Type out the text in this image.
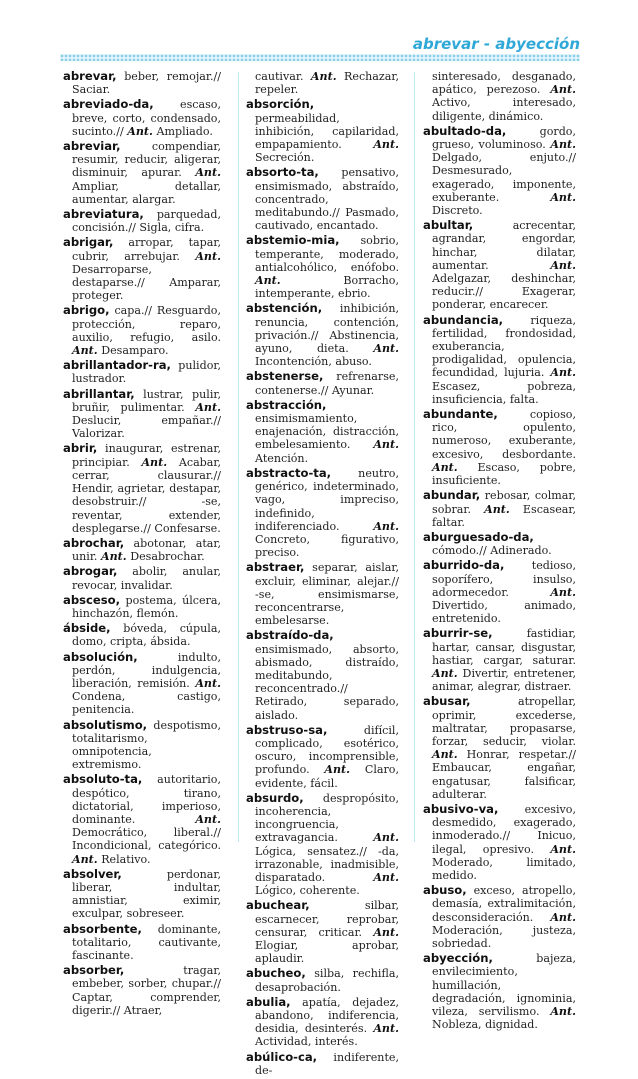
abrevar - abyección
abrevar, beber, remojar.// Saciar.
abreviado-da, escaso, breve, corto, condensado, sucinto.// Ant. Ampliado.
abreviar,	compendiar, resumir, reducir, aligerar, disminuir, apurar. Ant. Ampliar, detallar, aumentar, alargar.
abreviatura, parquedad, concisión.// Sigla, cifra.
abrigar, arropar, tapar, cubrir, arrebujar. Ant. Desarroparse, destaparse.// Amparar, proteger.
abrigo, capa.// Resguardo, protección, reparo, auxilio, refugio, asilo. Ant. Desamparo.
abrillantador-ra, pulidor, lustrador.
abrillantar, lustrar, pulir, bruñir, pulimentar. Ant. Deslucir, empañar.// Valorizar.
abrir, inaugurar, estrenar, principiar. Ant. Acabar, cerrar, clausurar.// Hendir, agrietar, destapar, desobstruir.// -se, reventar, extender, desplegarse.// Confesarse.
abrochar, abotonar, atar, unir. Ant. Desabrochar.
abrogar, abolir, anular, revocar, invalidar.
absceso, postema, úlcera, hinchazón, flemón.
ábside, bóveda, cúpula, domo, cripta, ábsida.
absolución,	indulto, perdón, indulgencia, liberación, remisión. Ant. Condena, castigo, penitencia.
absolutismo, despotismo, totalitarismo, omnipotencia, extremismo.
absoluto-ta, autoritario, despótico, tirano, dictatorial, imperioso, dominante.	Ant. Democrático, liberal.// Incondicional, categórico. Ant. Relativo.
absolver,	perdonar, liberar, indultar, amnistiar, eximir, exculpar, sobreseer.
absorbente, dominante, totalitario, cautivante, fascinante.
absorber,	tragar, embeber, sorber, chupar.// Captar, comprender, digerir.// Atraer,
cautivar. Ant. Rechazar, repeler.
absorción, permeabilidad, inhibición, capilaridad, empapamiento.	Ant. Secreción.
absorto-ta, pensativo, ensimismado, abstraído, concentrado, meditabundo.// Pasmado, cautivado, encantado.
abstemio-mia, sobrio, temperante, moderado, antialcohólico, enófobo. Ant.	Borracho, intemperante, ebrio.
abstención, inhibición, renuncia, contención, privación.// Abstinencia, ayuno, dieta. Ant. Incontención, abuso.
abstenerse, refrenarse, contenerse.// Ayunar.
abstracción, ensimismamiento, enajenación, distracción, embelesamiento. Ant. Atención.
abstracto-ta, neutro, genérico, indeterminado, vago, impreciso, indefinido, indiferenciado.	Ant. Concreto, figurativo, preciso.
abstraer, separar, aislar, excluir, eliminar, alejar.// -se, ensimismarse, reconcentrarse, embelesarse.
abstraído-da, ensimismado, absorto, abismado, distraído, meditabundo, reconcentrado.// Retirado, separado, aislado.
abstruso-sa,	difícil, complicado, esotérico, oscuro, incomprensible, profundo. Ant. Claro, evidente, fácil.
absurdo, despropósito, incoherencia, incongruencia, extravagancia.	Ant. Lógica, sensatez.// -da, irrazonable, inadmisible, disparatado.	Ant. Lógico, coherente.
abuchear,	silbar, escarnecer, reprobar, censurar, criticar. Ant. Elogiar, aprobar, aplaudir.
abucheo, silba, rechifla, desaprobación.
abulia, apatía, dejadez, abandono, indiferencia, desidia, desinterés. Ant. Actividad, interés.
abúlico-ca, indiferente, de-
sinteresado, desganado, apático, perezoso. Ant. Activo, interesado, diligente, dinámico.
abultado-da,	gordo, grueso, voluminoso. Ant. Delgado, enjuto.// Desmesurado, exagerado, imponente, exuberante.	Ant. Discreto.
abultar,	acrecentar, agrandar, engordar, hinchar, dilatar, aumentar.	Ant. Adelgazar, deshinchar, reducir.// Exagerar, ponderar, encarecer.
abundancia, riqueza, fertilidad, frondosidad, exuberancia, prodigalidad, opulencia, fecundidad, lujuria. Ant. Escasez, pobreza, insuficiencia, falta.
abundante,	copioso, rico, opulento, numeroso, exuberante, excesivo, desbordante. Ant. Escaso, pobre, insuficiente.
abundar, rebosar, colmar, sobrar. Ant. Escasear, faltar.
aburguesado-da, cómodo.// Adinerado.
aburrido-da, tedioso, soporífero, insulso, adormecedor.	Ant. Divertido, animado, entretenido.
aburrir-se,	fastidiar, hartar, cansar, disgustar, hastiar, cargar, saturar. Ant. Divertir, entretener, animar, alegrar, distraer.
abusar,	atropellar, oprimir, excederse, maltratar, propasarse, forzar, seducir, violar. Ant. Honrar, respetar.// Embaucar, engañar, engatusar, falsificar, adulterar.
abusivo-va, excesivo, desmedido, exagerado, inmoderado.// Inicuo, ilegal, opresivo. Ant. Moderado, limitado, medido.
abuso, exceso, atropello, demasía, extralimitación, desconsideración. Ant. Moderación, justeza, sobriedad.
abyección,	bajeza, envilecimiento, humillación, degradación, ignominia, vileza, servilismo. Ant. Nobleza, dignidad.
